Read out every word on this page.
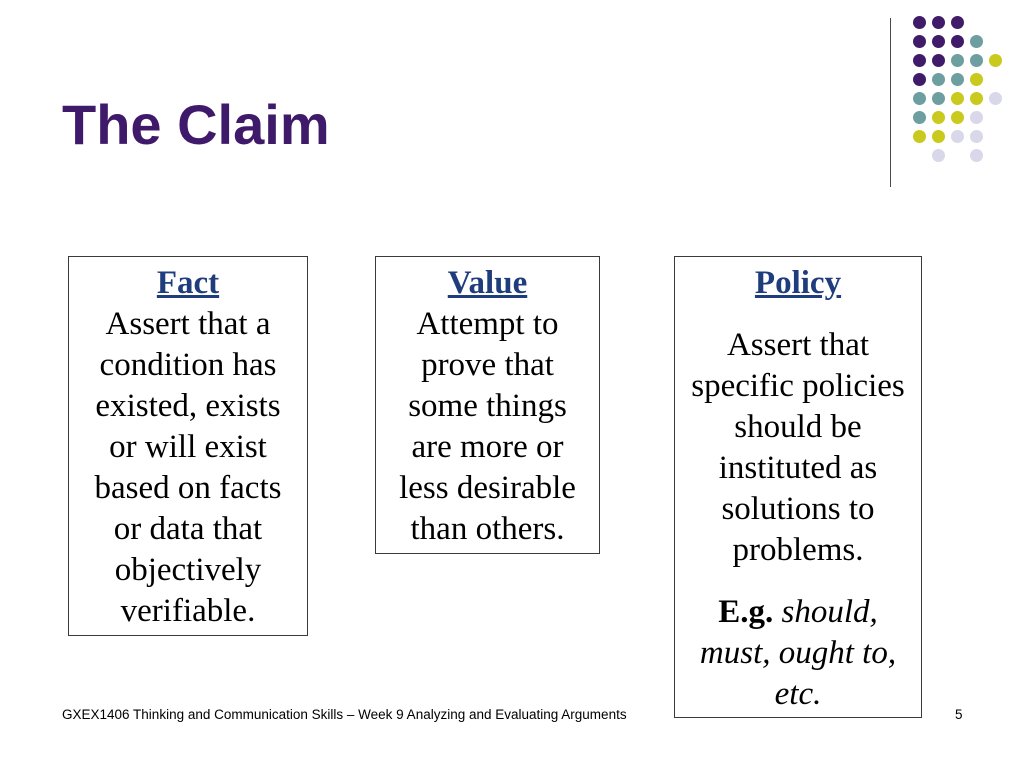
The Claim
Fact
Assert that a
condition has
existed, exists
or will exist
based on facts
or data that
objectively
verifiable.
Value
Attempt to
prove that
some things
are more or
less desirable
than others.
Policy
Assert that
specific policies
should be
instituted as
solutions to
problems.
E.g. should,
must, ought to,
etc.
GXEX1406 Thinking and Communication Skills – Week 9 Analyzing and Evaluating Arguments	5
